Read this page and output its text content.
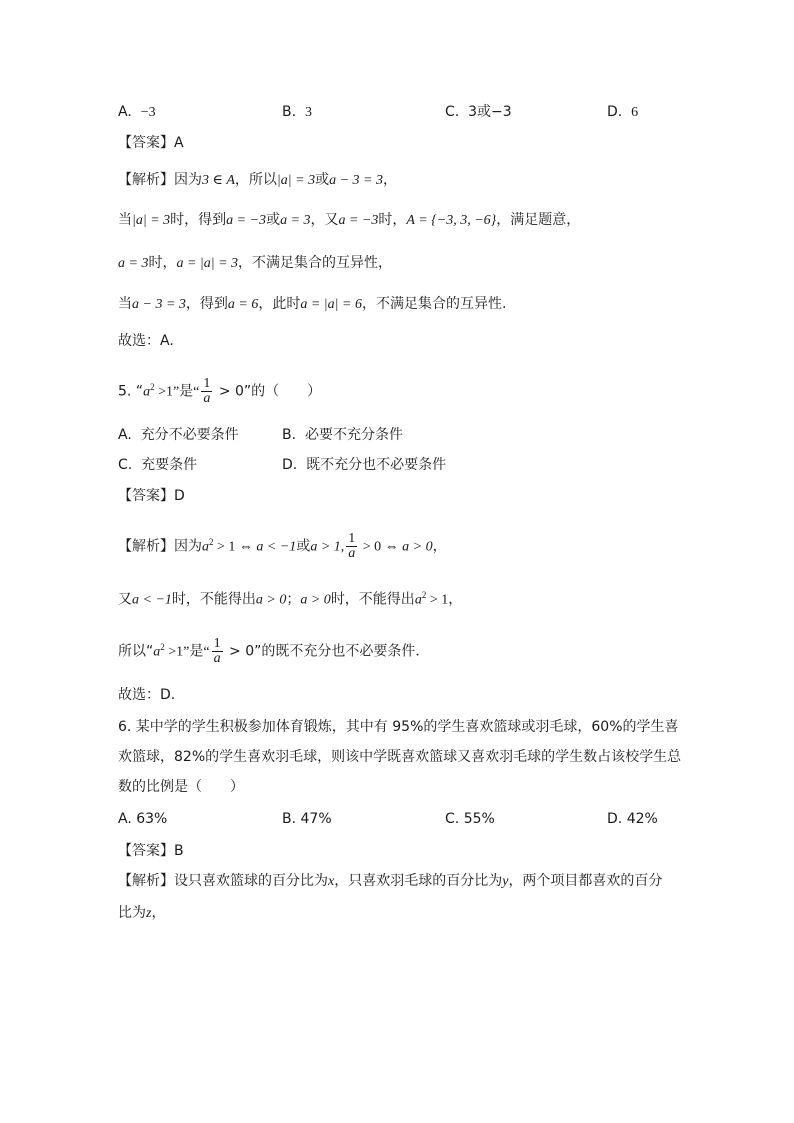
A. −3	B. 3	C. 3或−3	D. 6
【答案】A
【解析】因为3 ∈ A，所以|a| = 3或a − 3 = 3，
当|a| = 3时，得到a = −3或a = 3，又a = −3时，A = {−3, 3, −6}，满足题意，
a = 3时，a = |a| = 3，不满足集合的互异性，
当a − 3 = 3，得到a = 6，此时a = |a| = 6，不满足集合的互异性.
故选：A.
5. “$a^2 >1$”是“ $\frac{1}{a} > 0$”的（　　）
A. 充分不必要条件	B. 必要不充分条件
C. 充要条件	D. 既不充分也不必要条件
【答案】D
【解析】因为$a^2 > 1$ ⇔ a < −1或a > 1, $\frac{1}{a} > 0$ ⇔ a > 0，
又a < −1时，不能得出a > 0；a > 0时，不能得出$a^2 > 1$，
所以“$a^2 >1$”是“ $\frac{1}{a} > 0$”的既不充分也不必要条件．
故选：D.
6. 某中学的学生积极参加体育锻炼，其中有 95%的学生喜欢篮球或羽毛球，60%的学生喜
欢篮球，82%的学生喜欢羽毛球，则该中学既喜欢篮球又喜欢羽毛球的学生数占该校学生总
数的比例是（　　）
A. 63%	B. 47%	C. 55%	D. 42%
【答案】B
【解析】设只喜欢篮球的百分比为x，只喜欢羽毛球的百分比为y，两个项目都喜欢的百分
比为z，
